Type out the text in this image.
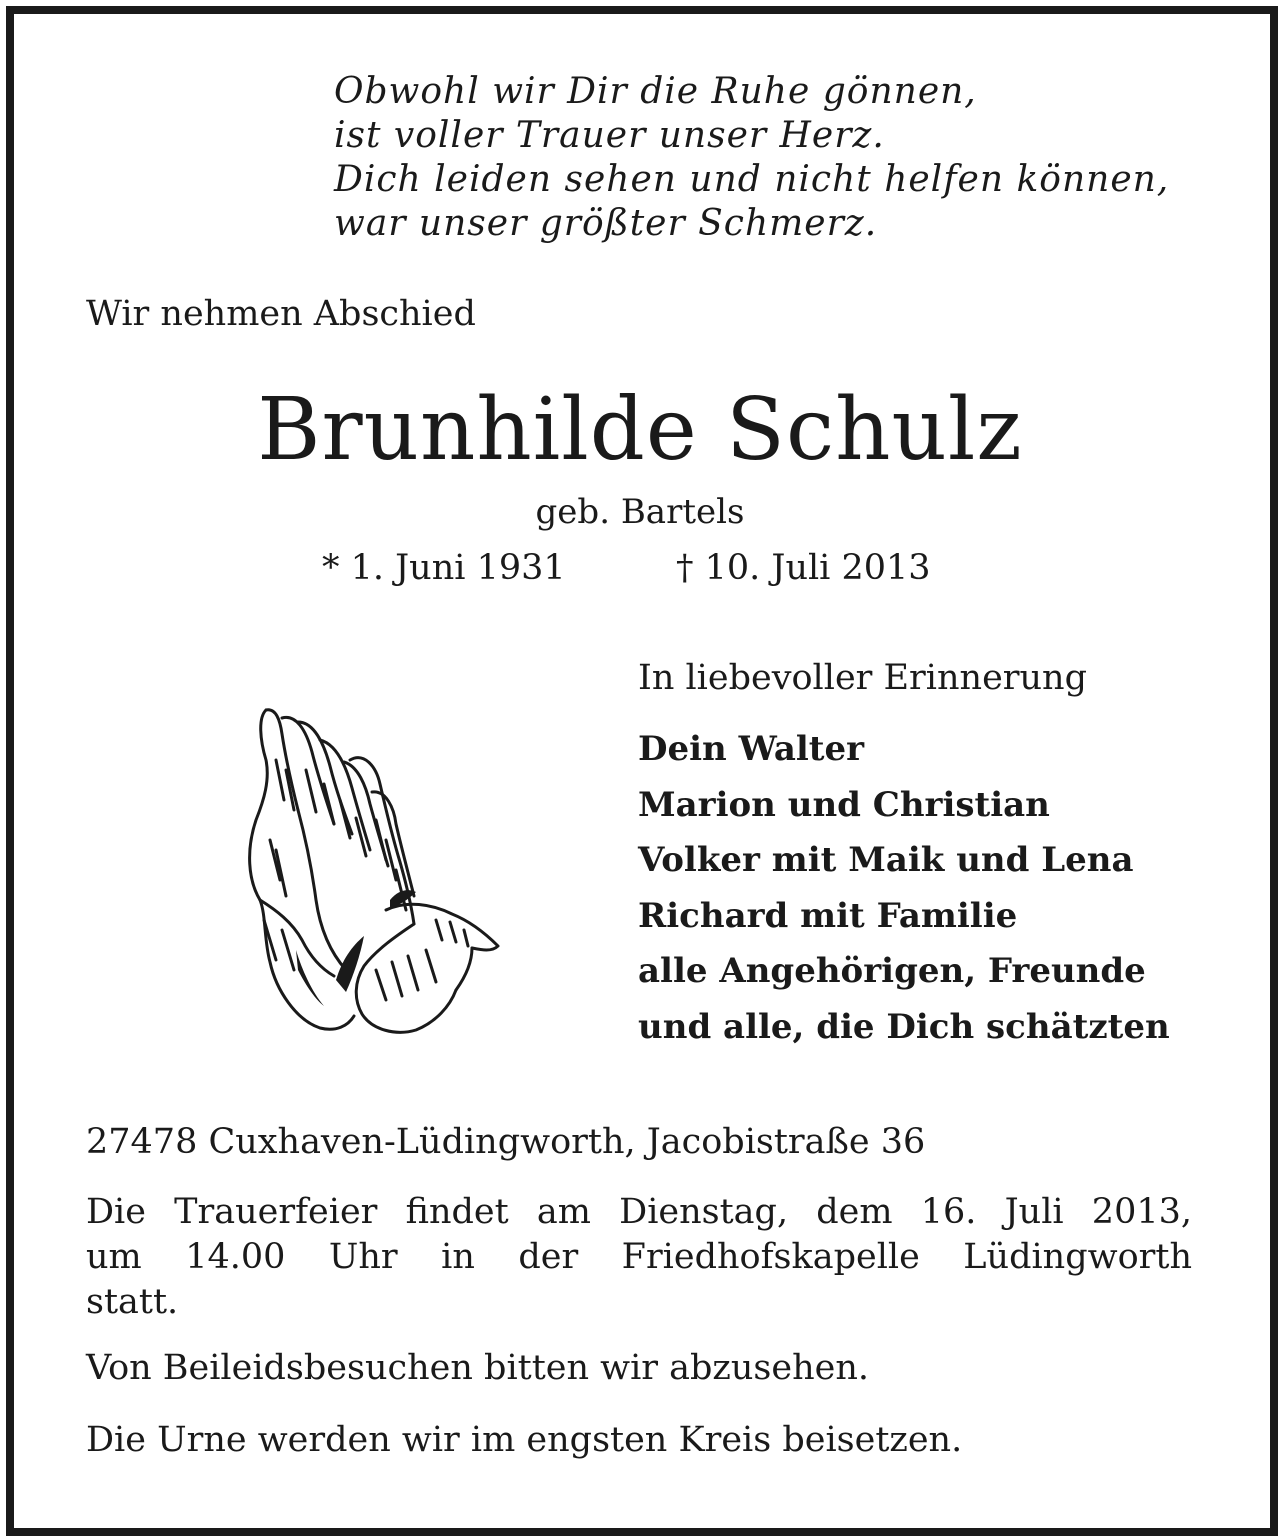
Obwohl wir Dir die Ruhe gönnen,
ist voller Trauer unser Herz.
Dich leiden sehen und nicht helfen können,
war unser größter Schmerz.
Wir nehmen Abschied
Brunhilde Schulz
geb. Bartels
* 1. Juni 1931	† 10. Juli 2013
In liebevoller Erinnerung
Dein Walter
Marion und Christian
Volker mit Maik und Lena
Richard mit Familie
alle Angehörigen, Freunde
und alle, die Dich schätzten
27478 Cuxhaven-Lüdingworth, Jacobistraße 36
Die Trauerfeier findet am Dienstag, dem 16. Juli 2013,
um 14.00 Uhr in der Friedhofskapelle Lüdingworth
statt.
Von Beileidsbesuchen bitten wir abzusehen.
Die Urne werden wir im engsten Kreis beisetzen.
